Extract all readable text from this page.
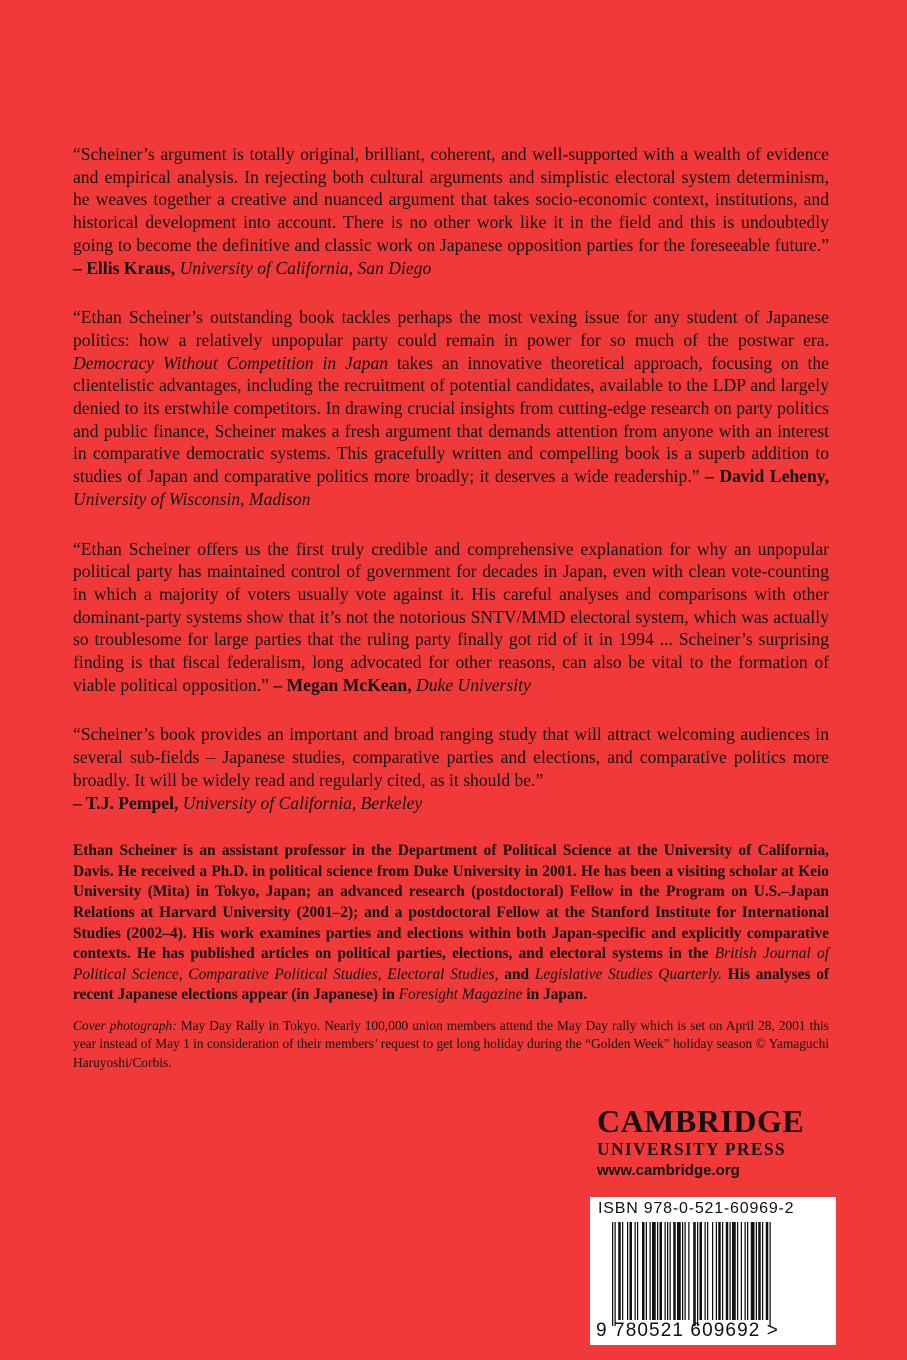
“Scheiner’s argument is totally original, brilliant, coherent, and well-supported with a wealth of evidence and empirical analysis. In rejecting both cultural arguments and simplistic electoral system determinism, he weaves together a creative and nuanced argument that takes socio-economic context, institutions, and historical development into account. There is no other work like it in the field and this is undoubtedly going to become the definitive and classic work on Japanese opposition parties for the foreseeable future.” – Ellis Kraus, University of California, San Diego

“Ethan Scheiner’s outstanding book tackles perhaps the most vexing issue for any student of Japanese politics: how a relatively unpopular party could remain in power for so much of the postwar era. Democracy Without Competition in Japan takes an innovative theoretical approach, focusing on the clientelistic advantages, including the recruitment of potential candidates, available to the LDP and largely denied to its erstwhile competitors. In drawing crucial insights from cutting-edge research on party politics and public finance, Scheiner makes a fresh argument that demands attention from anyone with an interest in comparative democratic systems. This gracefully written and compelling book is a superb addition to studies of Japan and comparative politics more broadly; it deserves a wide readership.” – David Leheny, University of Wisconsin, Madison

“Ethan Scheiner offers us the first truly credible and comprehensive explanation for why an unpopular political party has maintained control of government for decades in Japan, even with clean vote-counting in which a majority of voters usually vote against it. His careful analyses and comparisons with other dominant-party systems show that it’s not the notorious SNTV/MMD electoral system, which was actually so troublesome for large parties that the ruling party finally got rid of it in 1994 ... Scheiner’s surprising finding is that fiscal federalism, long advocated for other reasons, can also be vital to the formation of viable political opposition.” – Megan McKean, Duke University

“Scheiner’s book provides an important and broad ranging study that will attract welcoming audiences in several sub-fields – Japanese studies, comparative parties and elections, and comparative politics more broadly. It will be widely read and regularly cited, as it should be.”
– T.J. Pempel, University of California, Berkeley

Ethan Scheiner is an assistant professor in the Department of Political Science at the University of California, Davis. He received a Ph.D. in political science from Duke University in 2001. He has been a visiting scholar at Keio University (Mita) in Tokyo, Japan; an advanced research (postdoctoral) Fellow in the Program on U.S.–Japan Relations at Harvard University (2001–2); and a postdoctoral Fellow at the Stanford Institute for International Studies (2002–4). His work examines parties and elections within both Japan-specific and explicitly comparative contexts. He has published articles on political parties, elections, and electoral systems in the British Journal of Political Science, Comparative Political Studies, Electoral Studies, and Legislative Studies Quarterly. His analyses of recent Japanese elections appear (in Japanese) in Foresight Magazine in Japan.

Cover photograph: May Day Rally in Tokyo. Nearly 100,000 union members attend the May Day rally which is set on April 28, 2001 this year instead of May 1 in consideration of their members’ request to get long holiday during the “Golden Week” holiday season © Yamaguchi Haruyoshi/Corbis.

CAMBRIDGE
UNIVERSITY PRESS
www.cambridge.org
ISBN 978-0-521-60969-2
9 780521 609692 >
